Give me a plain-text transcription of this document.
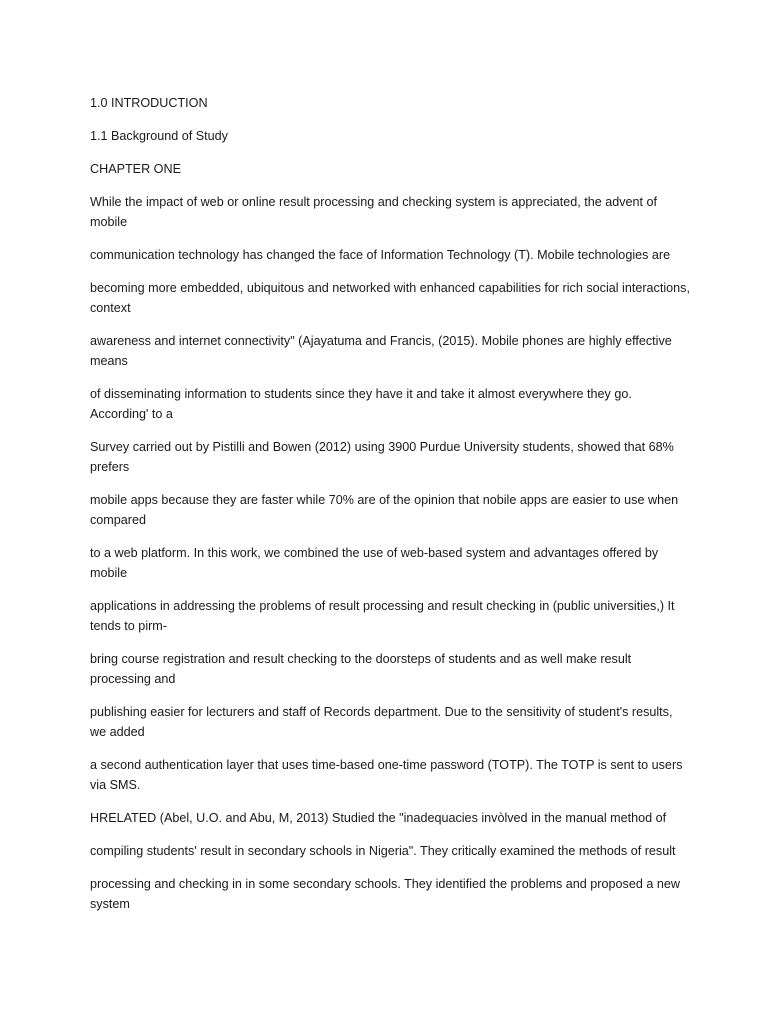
1.0 INTRODUCTION

1.1 Background of Study

CHAPTER ONE

While the impact of web or online result processing and checking system is appreciated, the advent of mobile

communication technology has changed the face of Information Technology (T). Mobile technologies are

becoming more embedded, ubiquitous and networked with enhanced capabilities for rich social interactions, context

awareness and internet connectivity" (Ajayatuma and Francis, (2015). Mobile phones are highly effective means

of disseminating information to students since they have it and take it almost everywhere they go. According' to a

Survey carried out by Pistilli and Bowen (2012) using 3900 Purdue University students, showed that 68% prefers

mobile apps because they are faster while 70% are of the opinion that nobile apps are easier to use when compared

to a web platform. In this work, we combined the use of web-based system and advantages offered by mobile

applications in addressing the problems of result processing and result checking in (public universities,) It tends to pirm-

bring course registration and result checking to the doorsteps of students and as well make result processing and

publishing easier for lecturers and staff of Records department. Due to the sensitivity of student's results, we added

a second authentication layer that uses time-based one-time password (TOTP). The TOTP is sent to users via SMS.

HRELATED (Abel, U.O. and Abu, M, 2013) Studied the "inadequacies invòlved in the manual method of

compiling students' result in secondary schools in Nigeria". They critically examined the methods of result

processing and checking in in some secondary schools. They identified the problems and proposed a new system
